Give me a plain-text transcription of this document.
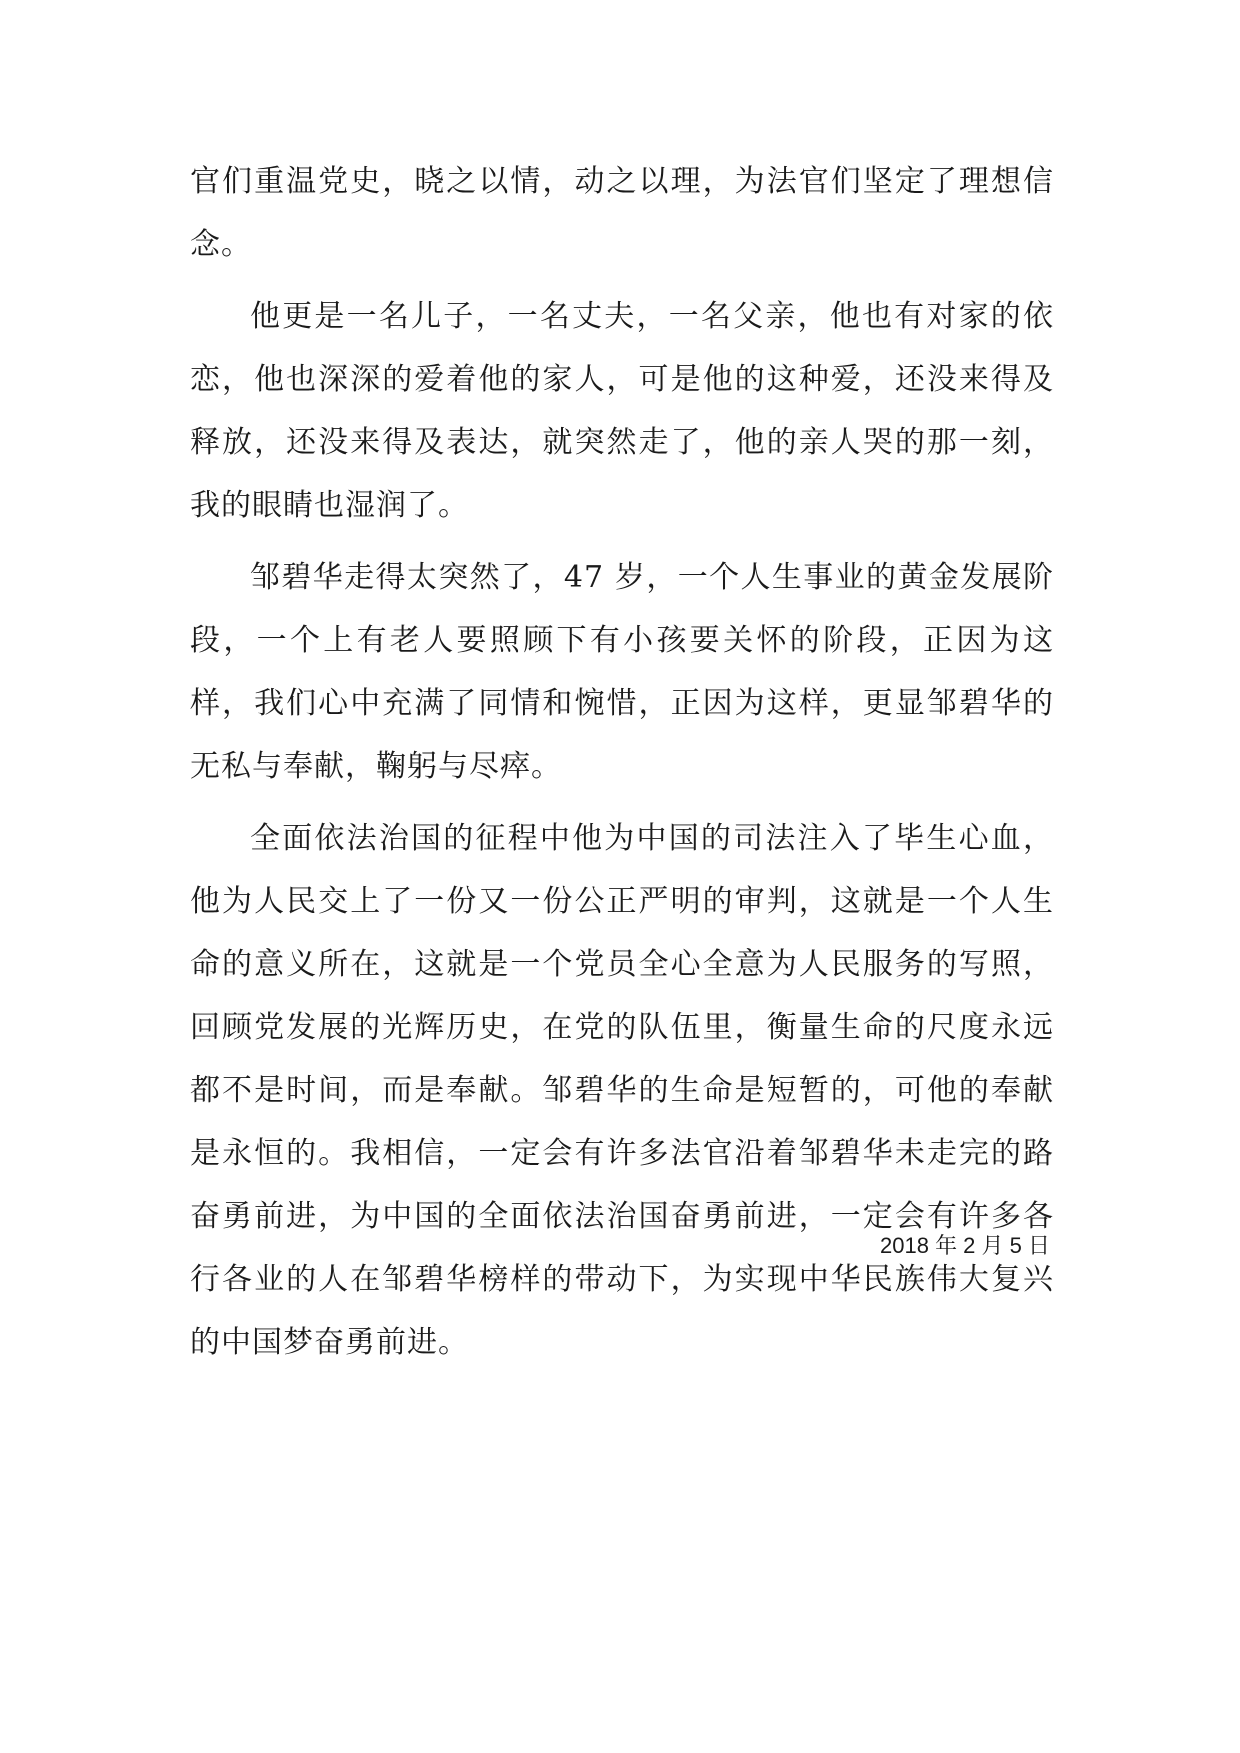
官们重温党史，晓之以情，动之以理，为法官们坚定了理想信念。

他更是一名儿子，一名丈夫，一名父亲，他也有对家的依恋，他也深深的爱着他的家人，可是他的这种爱，还没来得及释放，还没来得及表达，就突然走了，他的亲人哭的那一刻，我的眼睛也湿润了。

邹碧华走得太突然了，47 岁，一个人生事业的黄金发展阶段，一个上有老人要照顾下有小孩要关怀的阶段，正因为这样，我们心中充满了同情和惋惜，正因为这样，更显邹碧华的无私与奉献，鞠躬与尽瘁。

全面依法治国的征程中他为中国的司法注入了毕生心血，他为人民交上了一份又一份公正严明的审判，这就是一个人生命的意义所在，这就是一个党员全心全意为人民服务的写照，回顾党发展的光辉历史，在党的队伍里，衡量生命的尺度永远都不是时间，而是奉献。邹碧华的生命是短暂的，可他的奉献是永恒的。我相信，一定会有许多法官沿着邹碧华未走完的路奋勇前进，为中国的全面依法治国奋勇前进，一定会有许多各行各业的人在邹碧华榜样的带动下，为实现中华民族伟大复兴的中国梦奋勇前进。

2018 年 2 月 5 日
